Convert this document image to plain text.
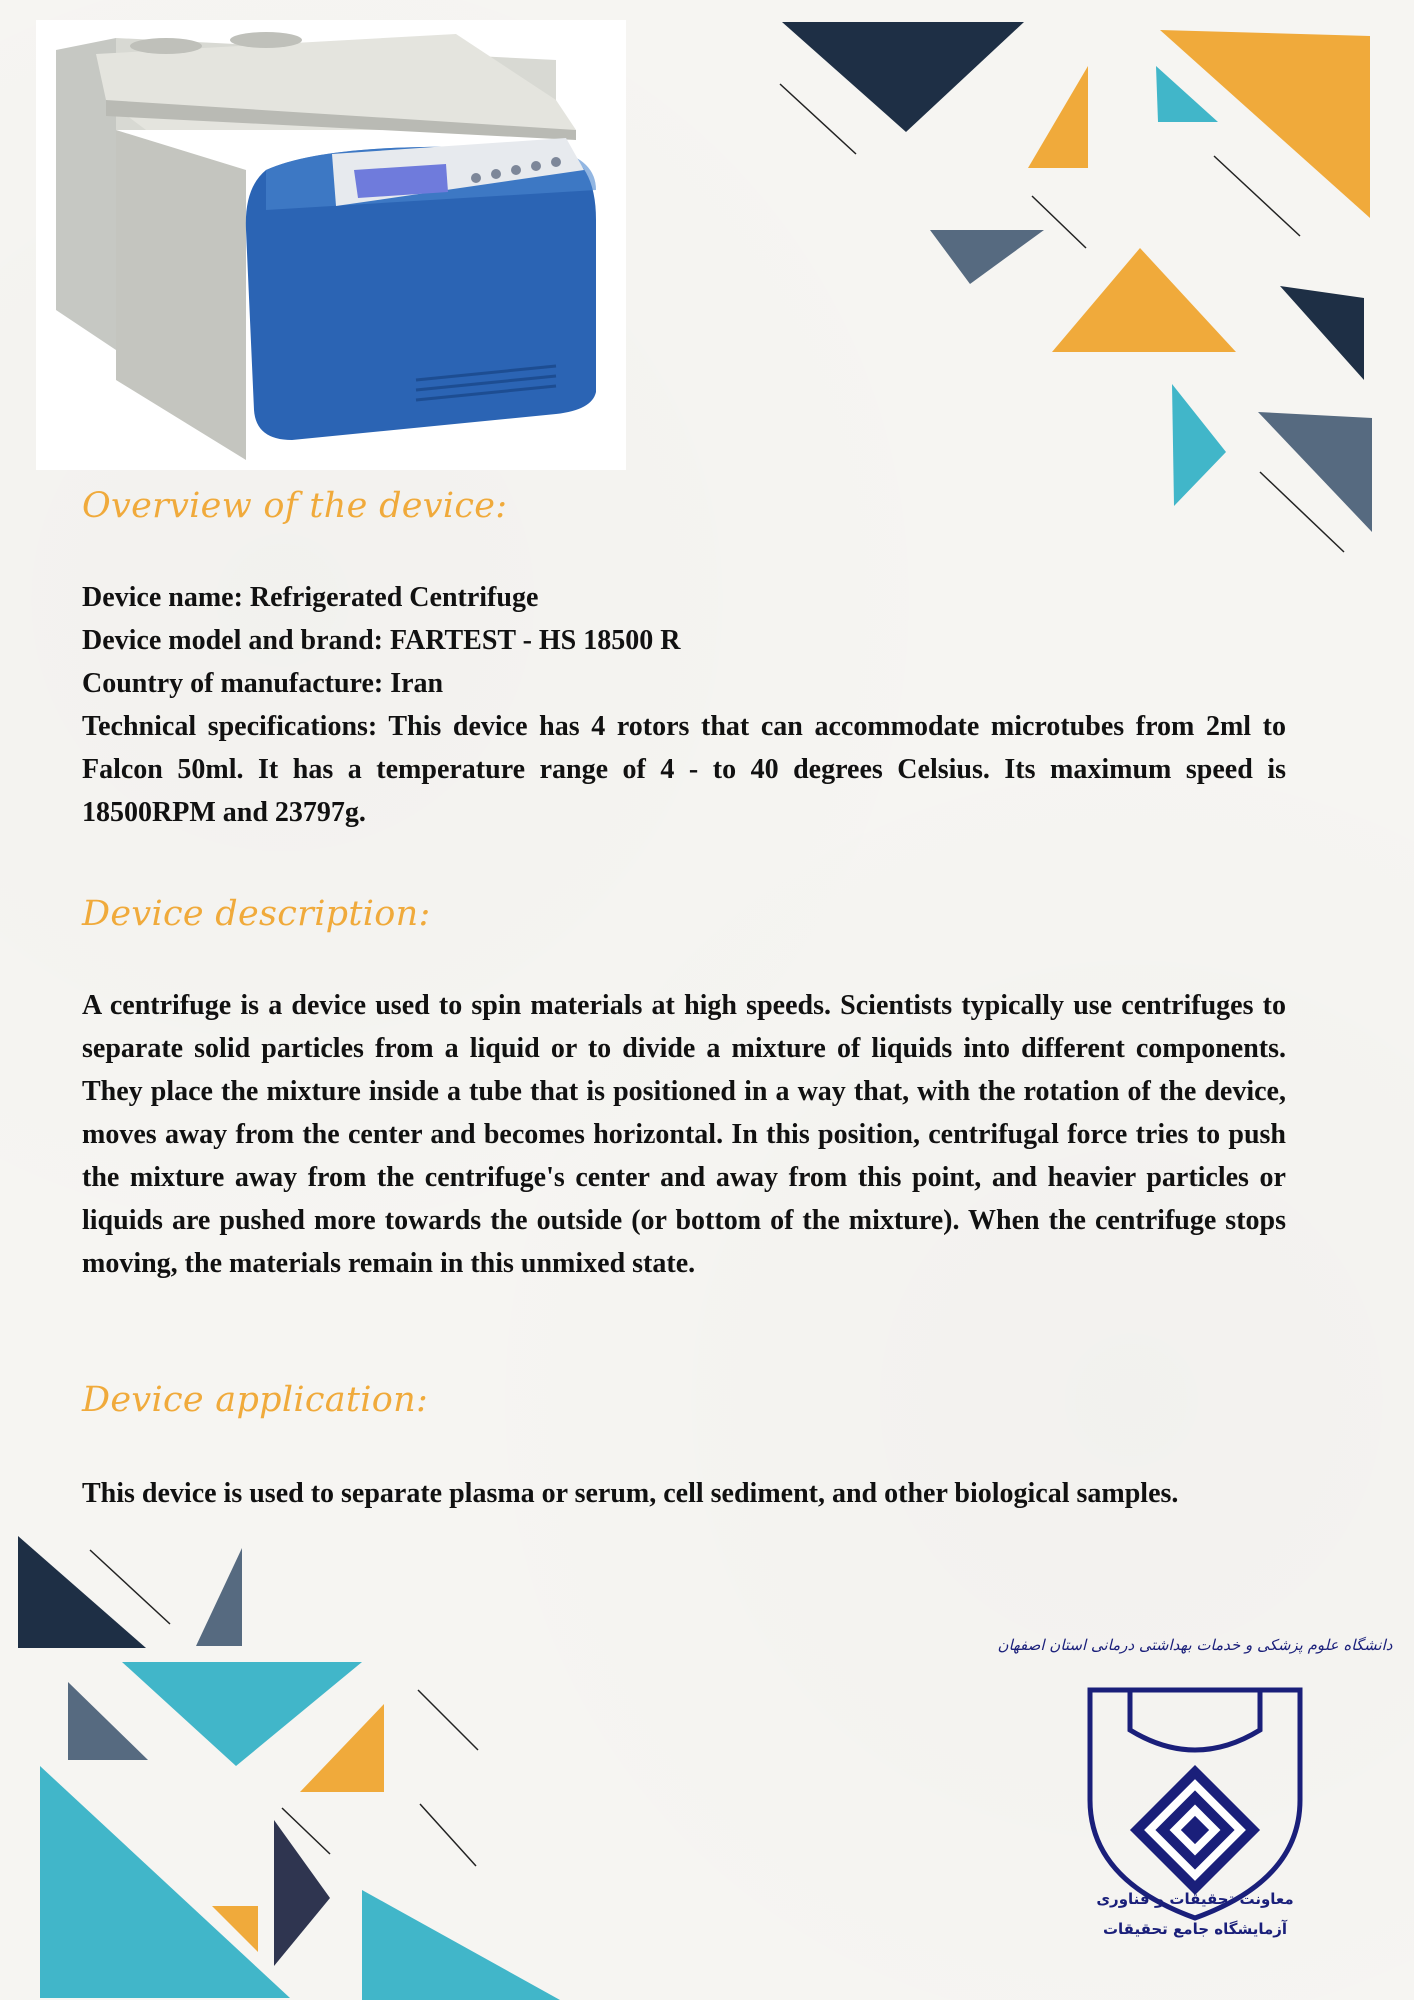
Overview of the device:

Device name: Refrigerated Centrifuge

Device model and brand: FARTEST - HS 18500 R

Country of manufacture: Iran

Technical specifications: This device has 4 rotors that can accommodate microtubes from 2ml to Falcon 50ml. It has a temperature range of 4 - to 40 degrees Celsius. Its maximum speed is 18500RPM and 23797g.

Device description:

A centrifuge is a device used to spin materials at high speeds. Scientists typically use centrifuges to separate solid particles from a liquid or to divide a mixture of liquids into different components. They place the mixture inside a tube that is positioned in a way that, with the rotation of the device, moves away from the center and becomes horizontal. In this position, centrifugal force tries to push the mixture away from the centrifuge's center and away from this point, and heavier particles or liquids are pushed more towards the outside (or bottom of the mixture). When the centrifuge stops moving, the materials remain in this unmixed state.

Device application:

This device is used to separate plasma or serum, cell sediment, and other biological samples.

دانشگاه علوم پزشکی و خدمات بهداشتی درمانی استان اصفهان
معاونت تحقیقات و فناوری
آزمایشگاه جامع تحقیقات
